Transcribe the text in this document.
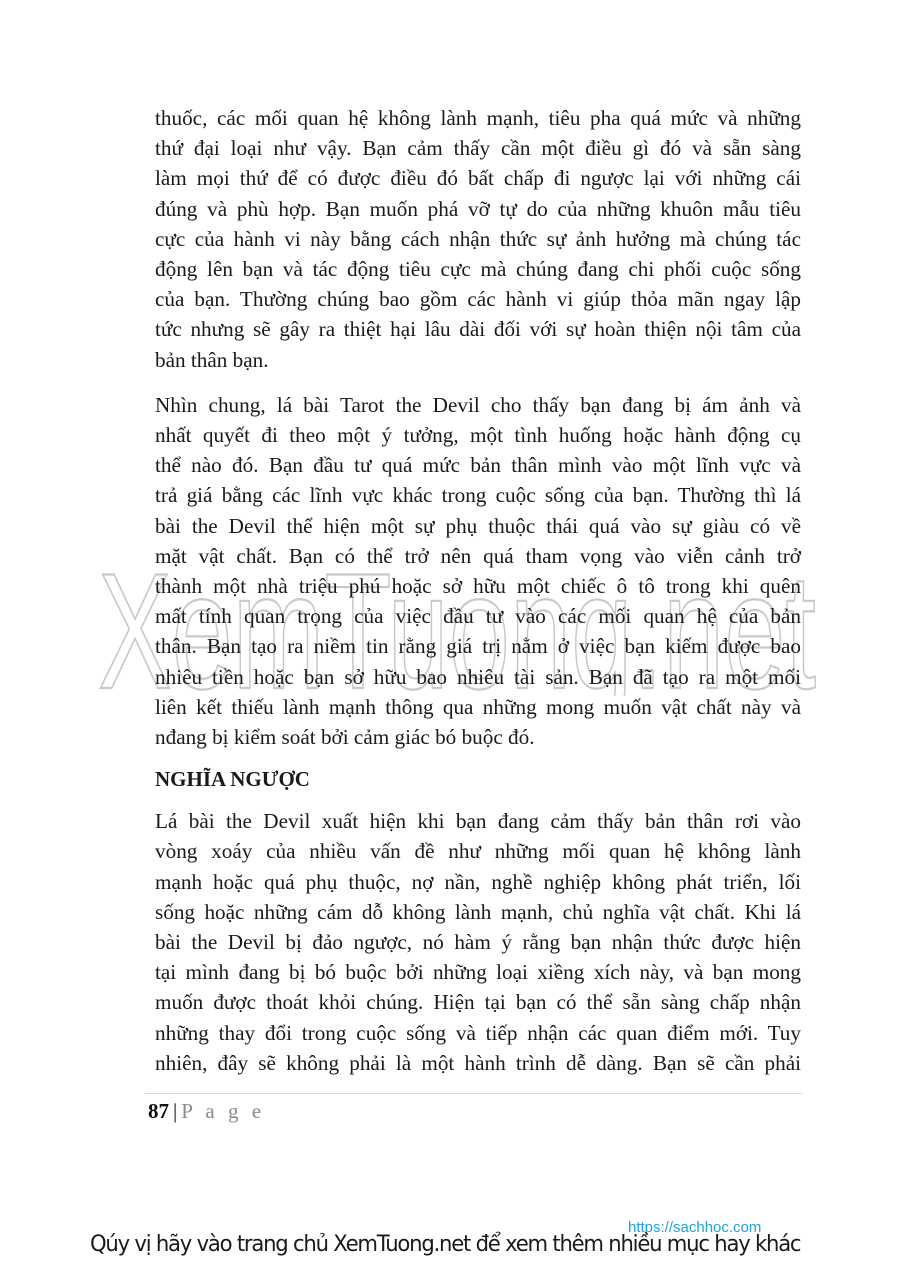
XemTuong.net
thuốc, các mối quan hệ không lành mạnh, tiêu pha quá mức và những
thứ đại loại như vậy. Bạn cảm thấy cần một điều gì đó và sẵn sàng
làm mọi thứ để có được điều đó bất chấp đi ngược lại với những cái
đúng và phù hợp. Bạn muốn phá vỡ tự do của những khuôn mẫu tiêu
cực của hành vi này bằng cách nhận thức sự ảnh hưởng mà chúng tác
động lên bạn và tác động tiêu cực mà chúng đang chi phối cuộc sống
của bạn. Thường chúng bao gồm các hành vi giúp thỏa mãn ngay lập
tức nhưng sẽ gây ra thiệt hại lâu dài đối với sự hoàn thiện nội tâm của
bản thân bạn.
Nhìn chung, lá bài Tarot the Devil cho thấy bạn đang bị ám ảnh và
nhất quyết đi theo một ý tưởng, một tình huống hoặc hành động cụ
thể nào đó. Bạn đầu tư quá mức bản thân mình vào một lĩnh vực và
trả giá bằng các lĩnh vực khác trong cuộc sống của bạn. Thường thì lá
bài the Devil thể hiện một sự phụ thuộc thái quá vào sự giàu có về
mặt vật chất. Bạn có thể trở nên quá tham vọng vào viễn cảnh trở
thành một nhà triệu phú hoặc sở hữu một chiếc ô tô trong khi quên
mất tính quan trọng của việc đầu tư vào các mối quan hệ của bản
thân. Bạn tạo ra niềm tin rằng giá trị nằm ở việc bạn kiếm được bao
nhiêu tiền hoặc bạn sở hữu bao nhiêu tài sản. Bạn đã tạo ra một mối
liên kết thiếu lành mạnh thông qua những mong muốn vật chất này và
nđang bị kiểm soát bởi cảm giác bó buộc đó.
NGHĨA NGƯỢC
Lá bài the Devil xuất hiện khi bạn đang cảm thấy bản thân rơi vào
vòng xoáy của nhiều vấn đề như những mối quan hệ không lành
mạnh hoặc quá phụ thuộc, nợ nần, nghề nghiệp không phát triển, lối
sống hoặc những cám dỗ không lành mạnh, chủ nghĩa vật chất. Khi lá
bài the Devil bị đảo ngược, nó hàm ý rằng bạn nhận thức được hiện
tại mình đang bị bó buộc bởi những loại xiềng xích này, và bạn mong
muốn được thoát khỏi chúng. Hiện tại bạn có thể sẵn sàng chấp nhận
những thay đổi trong cuộc sống và tiếp nhận các quan điểm mới. Tuy
nhiên, đây sẽ không phải là một hành trình dễ dàng. Bạn sẽ cần phải
87 | P a g e
https://sachhoc.com
Qúy vị hãy vào trang chủ XemTuong.net để xem thêm nhiều mục hay khác
